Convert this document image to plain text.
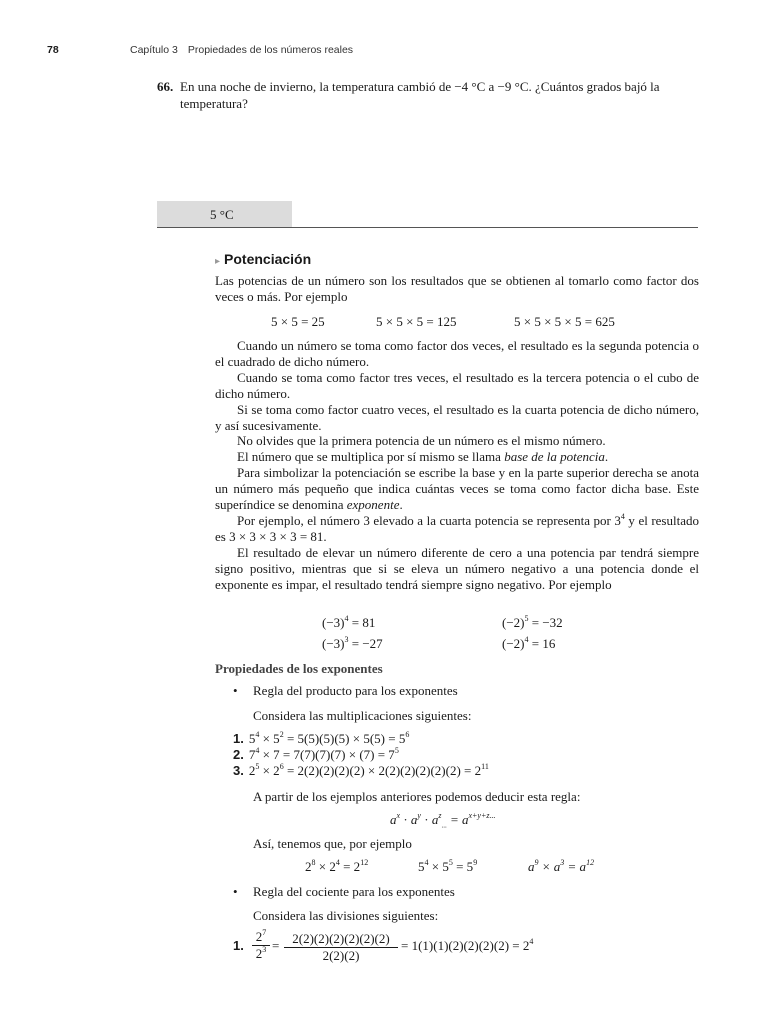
78	Capítulo 3 Propiedades de los números reales
66. En una noche de invierno, la temperatura cambió de −4 °C a −9 °C. ¿Cuántos grados bajó la temperatura?
5 °C
▸ Potenciación

Las potencias de un número son los resultados que se obtienen al tomarlo como factor dos veces o más. Por ejemplo

5 × 5 = 25	5 × 5 × 5 = 125	5 × 5 × 5 × 5 = 625

Cuando un número se toma como factor dos veces, el resultado es la segunda potencia o el cuadrado de dicho número.

Cuando se toma como factor tres veces, el resultado es la tercera potencia o el cubo de dicho número.

Si se toma como factor cuatro veces, el resultado es la cuarta potencia de dicho número, y así sucesivamente.

No olvides que la primera potencia de un número es el mismo número.

El número que se multiplica por sí mismo se llama base de la potencia.

Para simbolizar la potenciación se escribe la base y en la parte superior derecha se anota un número más pequeño que indica cuántas veces se toma como factor dicha base. Este superíndice se denomina exponente.

Por ejemplo, el número 3 elevado a la cuarta potencia se representa por $3^4$ y el resultado es 3 × 3 × 3 × 3 = 81.

El resultado de elevar un número diferente de cero a una potencia par tendrá siempre signo positivo, mientras que si se eleva un número negativo a una potencia donde el exponente es impar, el resultado tendrá siempre signo negativo. Por ejemplo

$(-3)^4 = 81$	$(-2)^5 = -32$
$(-3)^3 = -27$	$(-2)^4 = 16$
Propiedades de los exponentes
• Regla del producto para los exponentes
Considera las multiplicaciones siguientes:
1. $5^4 \times 5^2 = 5(5)(5)(5) \times 5(5) = 5^6$
2. $7^4 \times 7 = 7(7)(7)(7) \times (7) = 7^5$
3. $2^5 \times 2^6 = 2(2)(2)(2)(2) \times 2(2)(2)(2)(2)(2) = 2^{11}$
A partir de los ejemplos anteriores podemos deducir esta regla:
$a^x \cdot a^y \cdot a^z_{...} = a^{x+y+z...}$
Así, tenemos que, por ejemplo
$2^8 \times 2^4 = 2^{12}$	$5^4 \times 5^5 = 5^9$	$a^9 \times a^3 = a^{12}$
• Regla del cociente para los exponentes
Considera las divisiones siguientes:
1.
$2^7$
$2^3 = 2(2)(2)(2)(2)(2)(2)$
2(2)(2)
= $1(1)(1)(2)(2)(2)(2) = 2^4$
